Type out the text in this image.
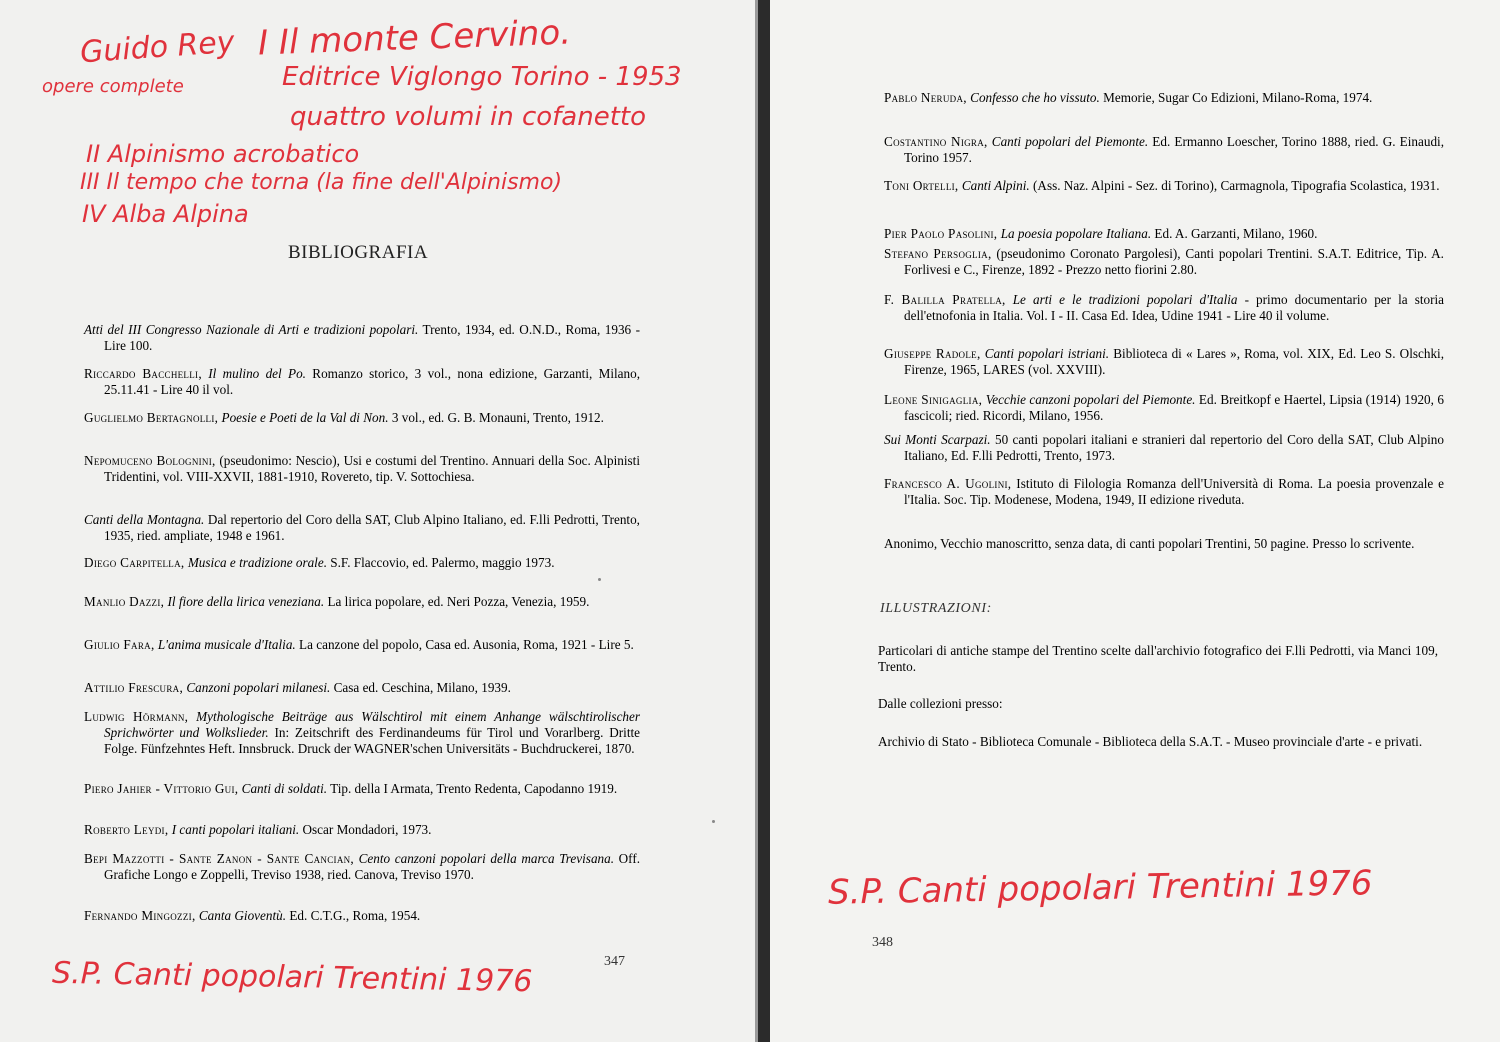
Guido Rey
opere complete
I Il monte Cervino.
Editrice Viglongo Torino - 1953
quattro volumi in cofanetto
II Alpinismo acrobatico
III Il tempo che torna (la fine dell'Alpinismo)
IV Alba Alpina
S.P. Canti popolari Trentini 1976
S.P. Canti popolari Trentini 1976
BIBLIOGRAFIA
Atti del III Congresso Nazionale di Arti e tradizioni popolari. Trento, 1934, ed. O.N.D., Roma, 1936 - Lire 100.
Riccardo Bacchelli, Il mulino del Po. Romanzo storico, 3 vol., nona edizione, Garzanti, Milano, 25.11.41 - Lire 40 il vol.
Guglielmo Bertagnolli, Poesie e Poeti de la Val di Non. 3 vol., ed. G. B. Monauni, Trento, 1912.
Nepomuceno Bolognini, (pseudonimo: Nescio), Usi e costumi del Trentino. Annuari della Soc. Alpinisti Tridentini, vol. VIII-XXVII, 1881-1910, Rovereto, tip. V. Sottochiesa.
Canti della Montagna. Dal repertorio del Coro della SAT, Club Alpino Italiano, ed. F.lli Pedrotti, Trento, 1935, ried. ampliate, 1948 e 1961.
Diego Carpitella, Musica e tradizione orale. S.F. Flaccovio, ed. Palermo, maggio 1973.
Manlio Dazzi, Il fiore della lirica veneziana. La lirica popolare, ed. Neri Pozza, Venezia, 1959.
Giulio Fara, L'anima musicale d'Italia. La canzone del popolo, Casa ed. Ausonia, Roma, 1921 - Lire 5.
Attilio Frescura, Canzoni popolari milanesi. Casa ed. Ceschina, Milano, 1939.
Ludwig Hörmann, Mythologische Beiträge aus Wälschtirol mit einem Anhange wälschtirolischer Sprichwörter und Wolkslieder. In: Zeitschrift des Ferdinandeums für Tirol und Vorarlberg. Dritte Folge. Fünfzehntes Heft. Innsbruck. Druck der WAGNER'schen Universitäts - Buchdruckerei, 1870.
Piero Jahier - Vittorio Gui, Canti di soldati. Tip. della I Armata, Trento Redenta, Capodanno 1919.
Roberto Leydi, I canti popolari italiani. Oscar Mondadori, 1973.
Bepi Mazzotti - Sante Zanon - Sante Cancian, Cento canzoni popolari della marca Trevisana. Off. Grafiche Longo e Zoppelli, Treviso 1938, ried. Canova, Treviso 1970.
Fernando Mingozzi, Canta Gioventù. Ed. C.T.G., Roma, 1954.
347
Pablo Neruda, Confesso che ho vissuto. Memorie, Sugar Co Edizioni, Milano-Roma, 1974.
Costantino Nigra, Canti popolari del Piemonte. Ed. Ermanno Loescher, Torino 1888, ried. G. Einaudi, Torino 1957.
Toni Ortelli, Canti Alpini. (Ass. Naz. Alpini - Sez. di Torino), Carmagnola, Tipografia Scolastica, 1931.
Pier Paolo Pasolini, La poesia popolare Italiana. Ed. A. Garzanti, Milano, 1960.
Stefano Persoglia, (pseudonimo Coronato Pargolesi), Canti popolari Trentini. S.A.T. Editrice, Tip. A. Forlivesi e C., Firenze, 1892 - Prezzo netto fiorini 2.80.
F. Balilla Pratella, Le arti e le tradizioni popolari d'Italia - primo documentario per la storia dell'etnofonia in Italia. Vol. I - II. Casa Ed. Idea, Udine 1941 - Lire 40 il volume.
Giuseppe Radole, Canti popolari istriani. Biblioteca di « Lares », Roma, vol. XIX, Ed. Leo S. Olschki, Firenze, 1965, LARES (vol. XXVIII).
Leone Sinigaglia, Vecchie canzoni popolari del Piemonte. Ed. Breitkopf e Haertel, Lipsia (1914) 1920, 6 fascicoli; ried. Ricordi, Milano, 1956.
Sui Monti Scarpazi. 50 canti popolari italiani e stranieri dal repertorio del Coro della SAT, Club Alpino Italiano, Ed. F.lli Pedrotti, Trento, 1973.
Francesco A. Ugolini, Istituto di Filologia Romanza dell'Università di Roma. La poesia provenzale e l'Italia. Soc. Tip. Modenese, Modena, 1949, II edizione riveduta.
Anonimo, Vecchio manoscritto, senza data, di canti popolari Trentini, 50 pagine. Presso lo scrivente.
ILLUSTRAZIONI:
Particolari di antiche stampe del Trentino scelte dall'archivio fotografico dei F.lli Pedrotti, via Manci 109, Trento.
Dalle collezioni presso:
Archivio di Stato - Biblioteca Comunale - Biblioteca della S.A.T. - Museo provinciale d'arte - e privati.
348
